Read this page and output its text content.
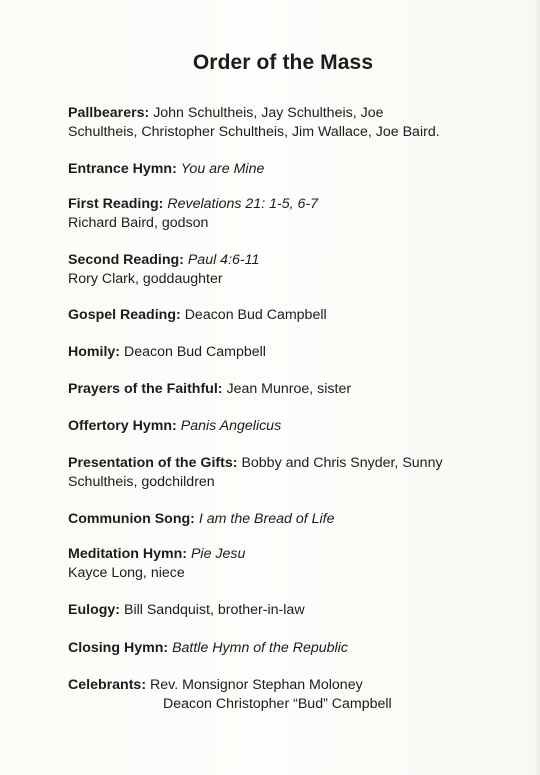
Order of the Mass
Pallbearers: John Schultheis, Jay Schultheis, Joe
Schultheis, Christopher Schultheis, Jim Wallace, Joe Baird.
Entrance Hymn: You are Mine
First Reading: Revelations 21: 1-5, 6-7
Richard Baird, godson
Second Reading: Paul 4:6-11
Rory Clark, goddaughter
Gospel Reading: Deacon Bud Campbell
Homily: Deacon Bud Campbell
Prayers of the Faithful: Jean Munroe, sister
Offertory Hymn: Panis Angelicus
Presentation of the Gifts: Bobby and Chris Snyder, Sunny
Schultheis, godchildren
Communion Song: I am the Bread of Life
Meditation Hymn: Pie Jesu
Kayce Long, niece
Eulogy: Bill Sandquist, brother-in-law
Closing Hymn: Battle Hymn of the Republic
Celebrants: Rev. Monsignor Stephan Moloney
Deacon Christopher “Bud” Campbell
